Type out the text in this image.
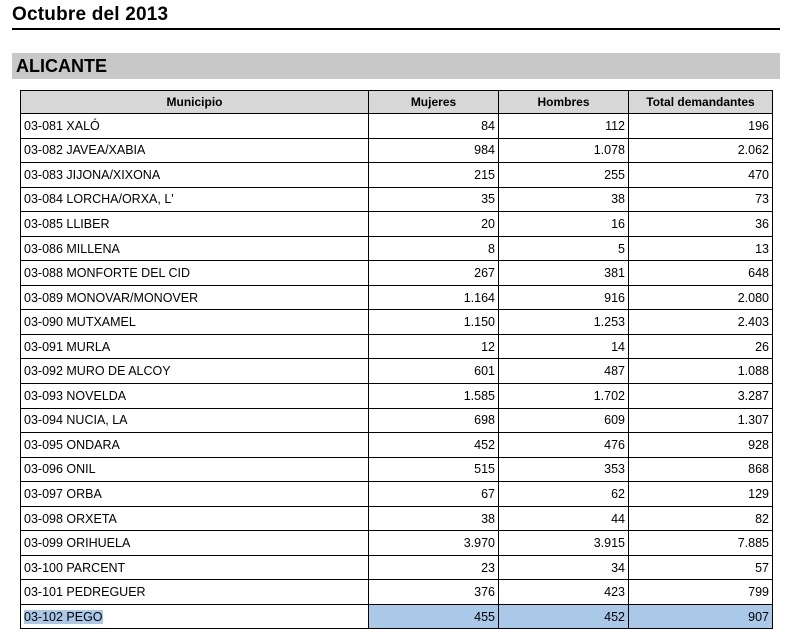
Octubre del 2013
ALICANTE
Municipio	Mujeres	Hombres	Total demandantes
03-081 XALÓ	84	112	196
03-082 JAVEA/XABIA	984	1.078	2.062
03-083 JIJONA/XIXONA	215	255	470
03-084 LORCHA/ORXA, L'	35	38	73
03-085 LLIBER	20	16	36
03-086 MILLENA	8	5	13
03-088 MONFORTE DEL CID	267	381	648
03-089 MONOVAR/MONOVER	1.164	916	2.080
03-090 MUTXAMEL	1.150	1.253	2.403
03-091 MURLA	12	14	26
03-092 MURO DE ALCOY	601	487	1.088
03-093 NOVELDA	1.585	1.702	3.287
03-094 NUCIA, LA	698	609	1.307
03-095 ONDARA	452	476	928
03-096 ONIL	515	353	868
03-097 ORBA	67	62	129
03-098 ORXETA	38	44	82
03-099 ORIHUELA	3.970	3.915	7.885
03-100 PARCENT	23	34	57
03-101 PEDREGUER	376	423	799
03-102 PEGO	455	452	907
